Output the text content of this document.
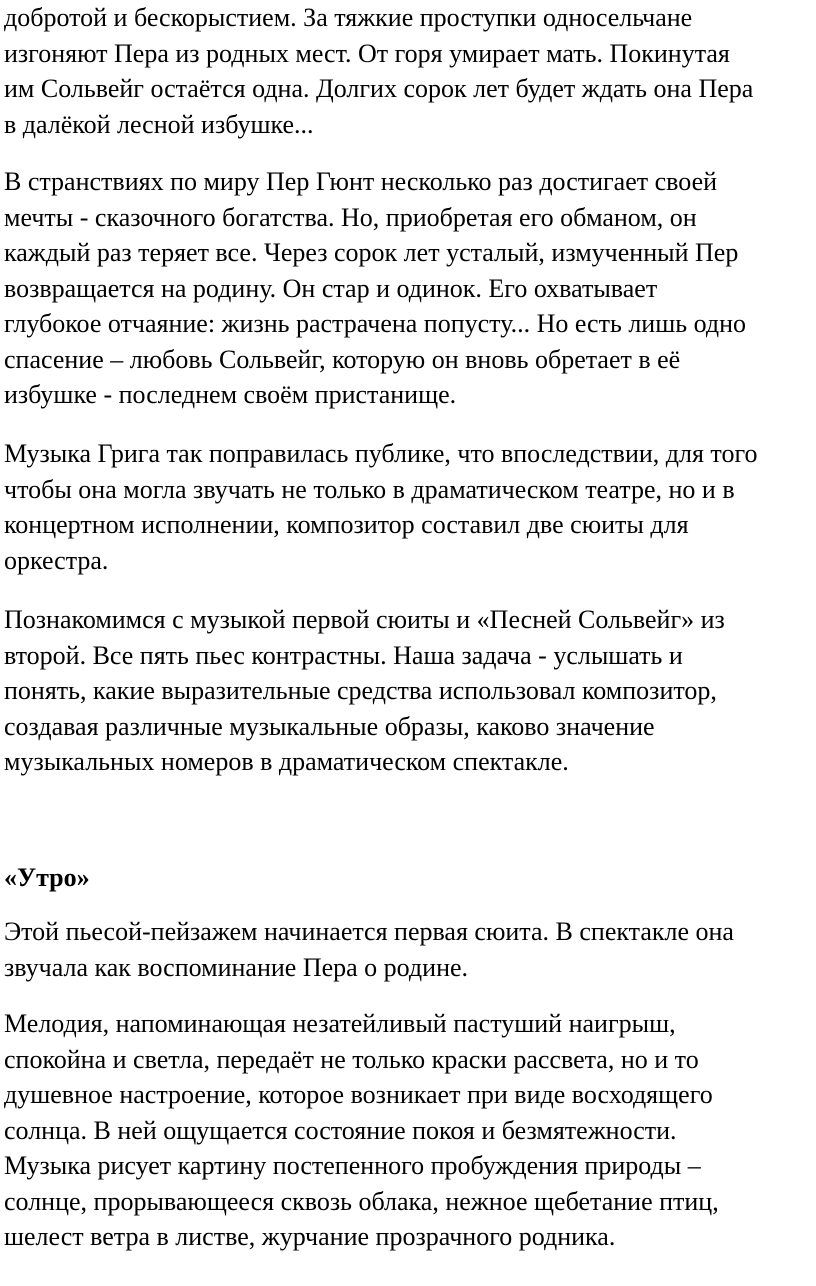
добротой и бескорыстием. За тяжкие проступки односельчане
изгоняют Пера из родных мест. От горя умирает мать. Покинутая
им Сольвейг остаётся одна. Долгих сорок лет будет ждать она Пера
в далёкой лесной избушке...

В странствиях по миру Пер Гюнт несколько раз достигает своей
мечты - сказочного богатства. Но, приобретая его обманом, он
каждый раз теряет все. Через сорок лет усталый, измученный Пер
возвращается на родину. Он стар и одинок. Его охватывает
глубокое отчаяние: жизнь растрачена попусту... Но есть лишь одно
спасение – любовь Сольвейг, которую он вновь обретает в её
избушке - последнем своём пристанище.

Музыка Грига так поправилась публике, что впоследствии, для того
чтобы она могла звучать не только в драматическом театре, но и в
концертном исполнении, композитор составил две сюиты для
оркестра.

Познакомимся с музыкой первой сюиты и «Песней Сольвейг» из
второй. Все пять пьес контрастны. Наша задача - услышать и
понять, какие выразительные средства использовал композитор,
создавая различные музыкальные образы, каково значение
музыкальных номеров в драматическом спектакле.

«Утро»

Этой пьесой-пейзажем начинается первая сюита. В спектакле она
звучала как воспоминание Пера о родине.

Мелодия, напоминающая незатейливый пастуший наигрыш,
спокойна и светла, передаёт не только краски рассвета, но и то
душевное настроение, которое возникает при виде восходящего
солнца. В ней ощущается состояние покоя и безмятежности.
Музыка рисует картину постепенного пробуждения природы –
солнце, прорывающееся сквозь облака, нежное щебетание птиц,
шелест ветра в листве, журчание прозрачного родника.
